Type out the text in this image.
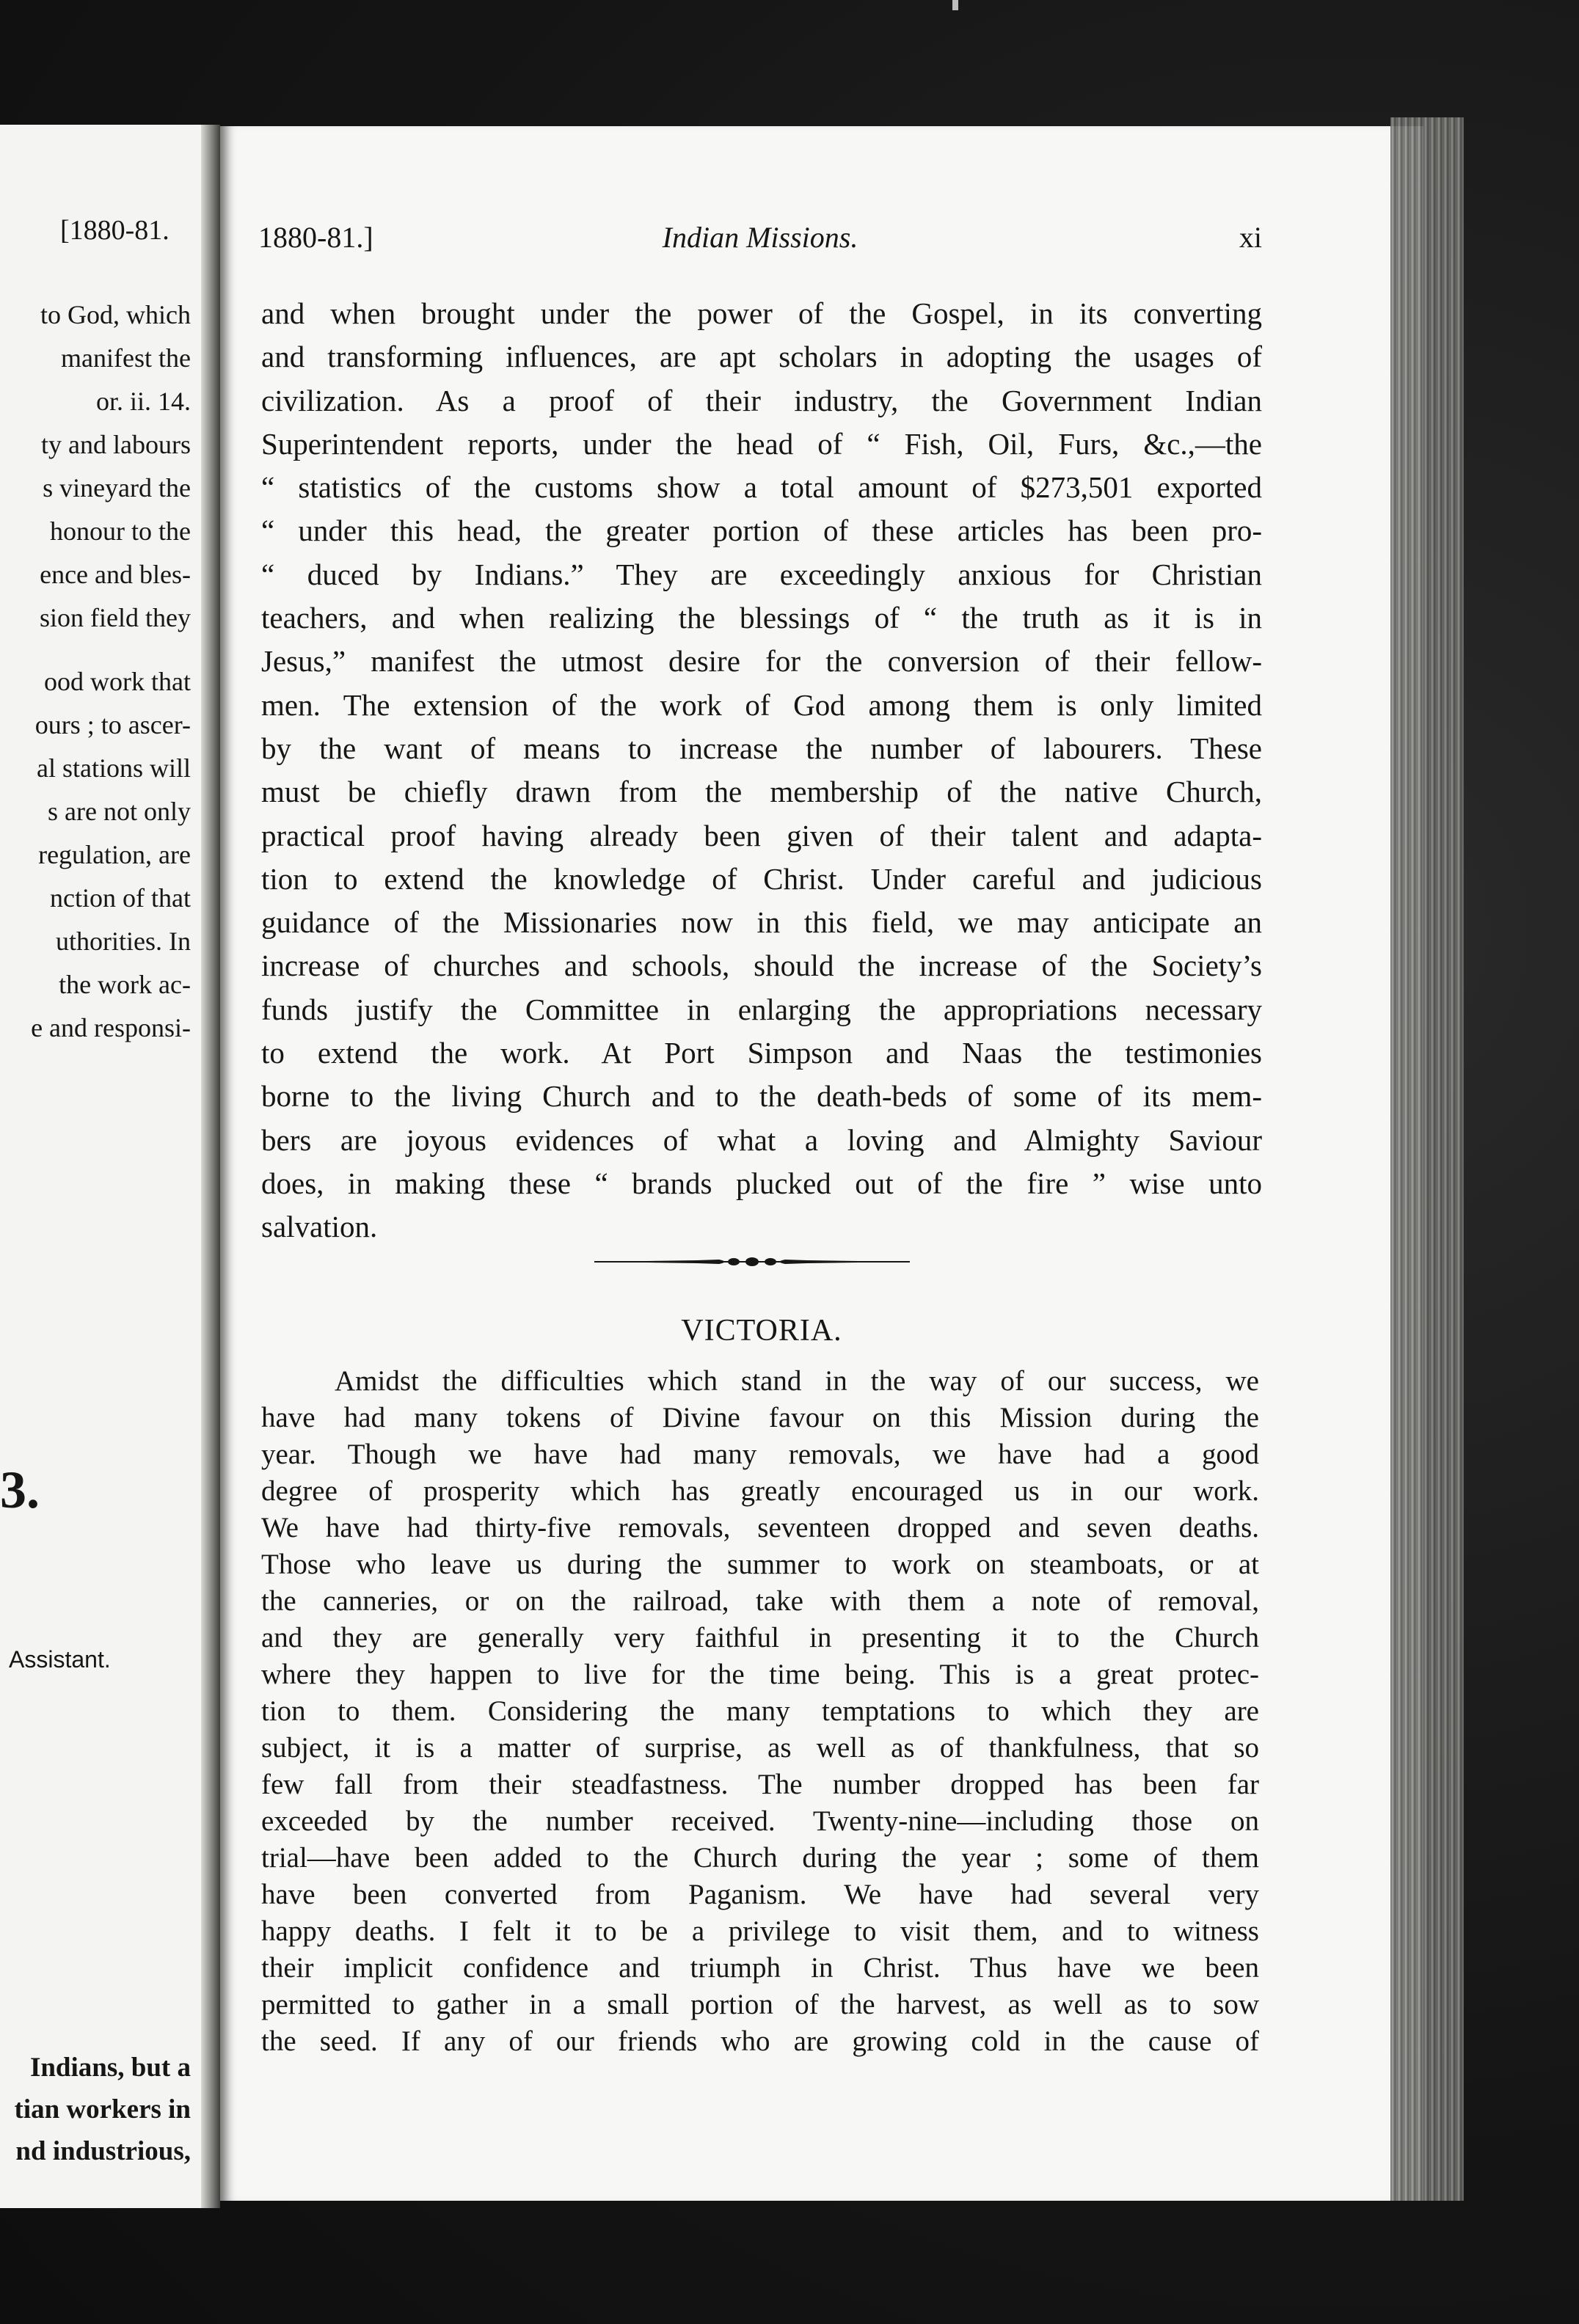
[1880-81.
to God, which
manifest the
or. ii. 14.
ty and labours
s vineyard the
honour to the
ence and bles-
sion field they
ood work that
ours ; to ascer-
al stations will
s are not only
regulation, are
nction of that
uthorities. In
the work ac-
e and responsi-
3.
Assistant.
Indians, but a
tian workers in
nd industrious,
1880-81.]	Indian Missions.	xi
and when brought under the power of the Gospel, in its converting
and transforming influences, are apt scholars in adopting the usages of
civilization. As a proof of their industry, the Government Indian
Superintendent reports, under the head of “ Fish, Oil, Furs, &c.,—the
“ statistics of the customs show a total amount of $273,501 exported
“ under this head, the greater portion of these articles has been pro-
“ duced by Indians.” They are exceedingly anxious for Christian
teachers, and when realizing the blessings of “ the truth as it is in
Jesus,” manifest the utmost desire for the conversion of their fellow-
men. The extension of the work of God among them is only limited
by the want of means to increase the number of labourers. These
must be chiefly drawn from the membership of the native Church,
practical proof having already been given of their talent and adapta-
tion to extend the knowledge of Christ. Under careful and judicious
guidance of the Missionaries now in this field, we may anticipate an
increase of churches and schools, should the increase of the Society’s
funds justify the Committee in enlarging the appropriations necessary
to extend the work. At Port Simpson and Naas the testimonies
borne to the living Church and to the death-beds of some of its mem-
bers are joyous evidences of what a loving and Almighty Saviour
does, in making these “ brands plucked out of the fire ” wise unto
salvation.
VICTORIA.
Amidst the difficulties which stand in the way of our success, we
have had many tokens of Divine favour on this Mission during the
year. Though we have had many removals, we have had a good
degree of prosperity which has greatly encouraged us in our work.
We have had thirty-five removals, seventeen dropped and seven deaths.
Those who leave us during the summer to work on steamboats, or at
the canneries, or on the railroad, take with them a note of removal,
and they are generally very faithful in presenting it to the Church
where they happen to live for the time being. This is a great protec-
tion to them. Considering the many temptations to which they are
subject, it is a matter of surprise, as well as of thankfulness, that so
few fall from their steadfastness. The number dropped has been far
exceeded by the number received. Twenty-nine—including those on
trial—have been added to the Church during the year ; some of them
have been converted from Paganism. We have had several very
happy deaths. I felt it to be a privilege to visit them, and to witness
their implicit confidence and triumph in Christ. Thus have we been
permitted to gather in a small portion of the harvest, as well as to sow
the seed. If any of our friends who are growing cold in the cause of
